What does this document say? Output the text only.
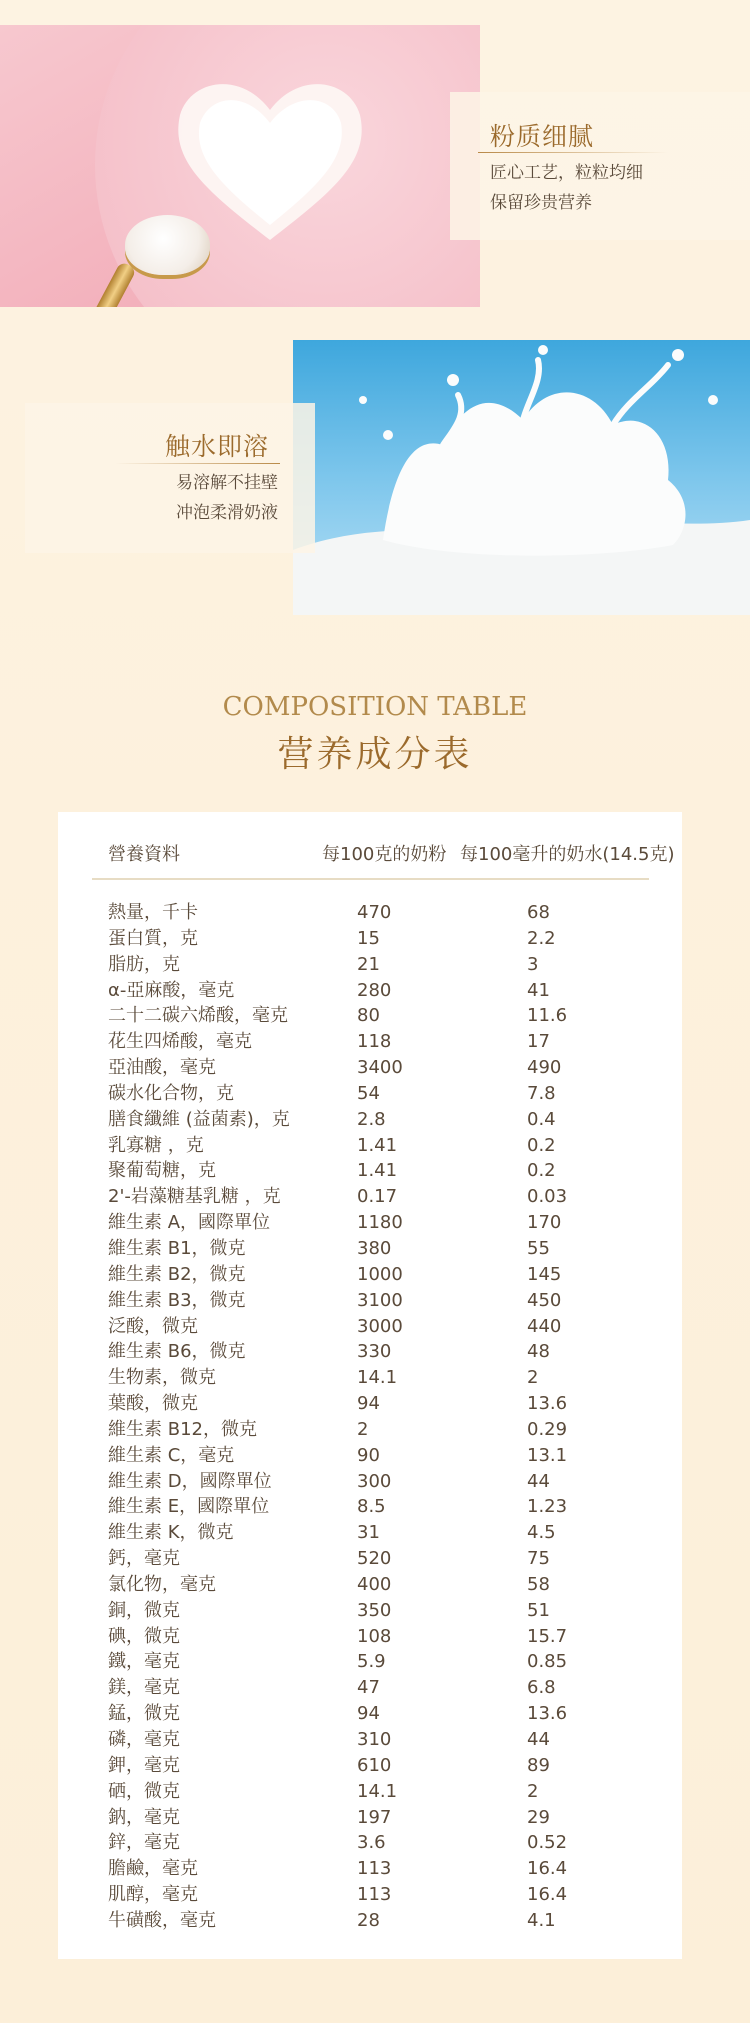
粉质细腻
匠心工艺，粒粒均细
保留珍贵营养
触水即溶
易溶解不挂壁
冲泡柔滑奶液
COMPOSITION TABLE
营养成分表
營養資料	每100克的奶粉 每100毫升的奶水(14.5克)
熱量，千卡	470	68
蛋白質，克	15	2.2
脂肪，克	21	3
α-亞麻酸，毫克	280	41
二十二碳六烯酸，毫克	80	11.6
花生四烯酸，毫克	118	17
亞油酸，毫克	3400	490
碳水化合物，克	54	7.8
膳食纖維 (益菌素)，克	2.8	0.4
乳寡糖 ，克	1.41	0.2
聚葡萄糖，克	1.41	0.2
2'-岩藻糖基乳糖 ，克	0.17	0.03
維生素 A，國際單位	1180	170
維生素 B1，微克	380	55
維生素 B2，微克	1000	145
維生素 B3，微克	3100	450
泛酸，微克	3000	440
維生素 B6，微克	330	48
生物素，微克	14.1	2
葉酸，微克	94	13.6
維生素 B12，微克	2	0.29
維生素 C，毫克	90	13.1
維生素 D，國際單位	300	44
維生素 E，國際單位	8.5	1.23
維生素 K，微克	31	4.5
鈣，毫克	520	75
氯化物，毫克	400	58
銅，微克	350	51
碘，微克	108	15.7
鐵，毫克	5.9	0.85
鎂，毫克	47	6.8
錳，微克	94	13.6
磷，毫克	310	44
鉀，毫克	610	89
硒，微克	14.1	2
鈉，毫克	197	29
鋅，毫克	3.6	0.52
膽鹼，毫克	113	16.4
肌醇，毫克	113	16.4
牛磺酸，毫克	28	4.1
